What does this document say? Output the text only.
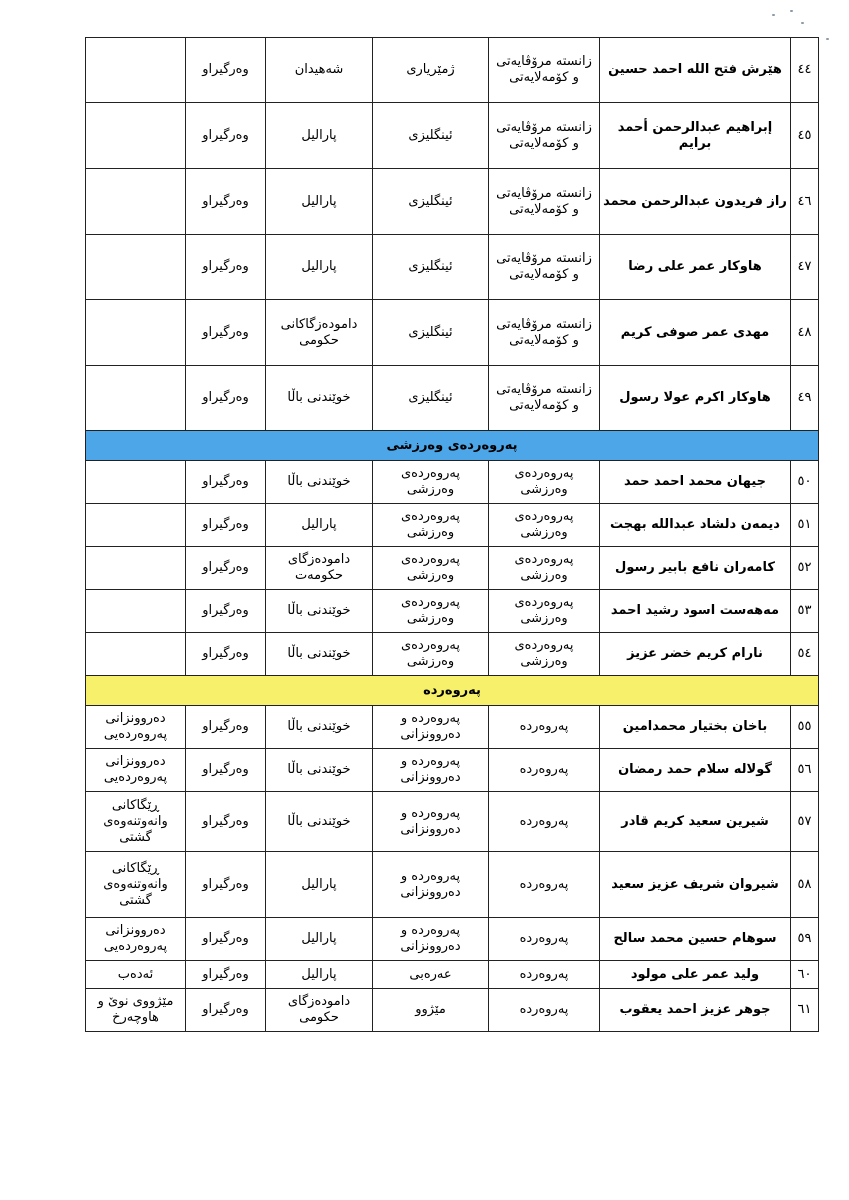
٤٤	هێرش فتح الله احمد حسین	زانستە مرۆڤایەتی و کۆمەلایەتی	ژمێریاری	شەهیدان	وەرگیراو	
٤٥	إبراهیم عبدالرحمن أحمد برایم	زانستە مرۆڤایەتی و کۆمەلایەتی	ئینگلیزی	پارالیل	وەرگیراو	
٤٦	راز فریدون عبدالرحمن محمد	زانستە مرۆڤایەتی و کۆمەلایەتی	ئینگلیزی	پارالیل	وەرگیراو	
٤٧	هاوکار عمر علی رضا	زانستە مرۆڤایەتی و کۆمەلایەتی	ئینگلیزی	پارالیل	وەرگیراو	
٤٨	مهدی عمر صوفی کریم	زانستە مرۆڤایەتی و کۆمەلایەتی	ئینگلیزی	دامودەزگاکانی حکومی	وەرگیراو	
٤٩	هاوکار اکرم عولا رسول	زانستە مرۆڤایەتی و کۆمەلایەتی	ئینگلیزی	خوێندنی باڵا	وەرگیراو	
پەروەردەی وەرزشی						
٥٠	جیهان محمد احمد حمد	پەروەردەی وەرزشی	پەروەردەی وەرزشی	خوێندنی باڵا	وەرگیراو	
٥١	دیمەن دلشاد عبدالله بهجت	پەروەردەی وەرزشی	پەروەردەی وەرزشی	پارالیل	وەرگیراو	
٥٢	کامەران نافع بابیر رسول	پەروەردەی وەرزشی	پەروەردەی وەرزشی	دامودەزگای حکومەت	وەرگیراو	
٥٣	مەهەست اسود رشید احمد	پەروەردەی وەرزشی	پەروەردەی وەرزشی	خوێندنی باڵا	وەرگیراو	
٥٤	نارام کریم خضر عزیز	پەروەردەی وەرزشی	پەروەردەی وەرزشی	خوێندنی باڵا	وەرگیراو	
پەروەردە						
٥٥	باخان بختیار محمدامین	پەروەردە	پەروەردە و دەروونزانی	خوێندنی باڵا	وەرگیراو	دەروونزانی پەروەردەیی
٥٦	گولالە سلام حمد رمضان	پەروەردە	پەروەردە و دەروونزانی	خوێندنی باڵا	وەرگیراو	دەروونزانی پەروەردەیی
٥٧	شیرین سعید کریم قادر	پەروەردە	پەروەردە و دەروونزانی	خوێندنی باڵا	وەرگیراو	ڕێگاکانی وانەوتنەوەی گشتی
٥٨	شیروان شریف عزیز سعید	پەروەردە	پەروەردە و دەروونزانی	پارالیل	وەرگیراو	ڕێگاکانی وانەوتنەوەی گشتی
٥٩	سوهام حسین محمد سالح	پەروەردە	پەروەردە و دەروونزانی	پارالیل	وەرگیراو	دەروونزانی پەروەردەیی
٦٠	ولید عمر علی مولود	پەروەردە	عەرەبی	پارالیل	وەرگیراو	ئەدەب
٦١	جوهر عزیز احمد یعقوب	پەروەردە	مێژوو	دامودەزگای حکومی	وەرگیراو	مێژووی نوێ و هاوچەرخ
